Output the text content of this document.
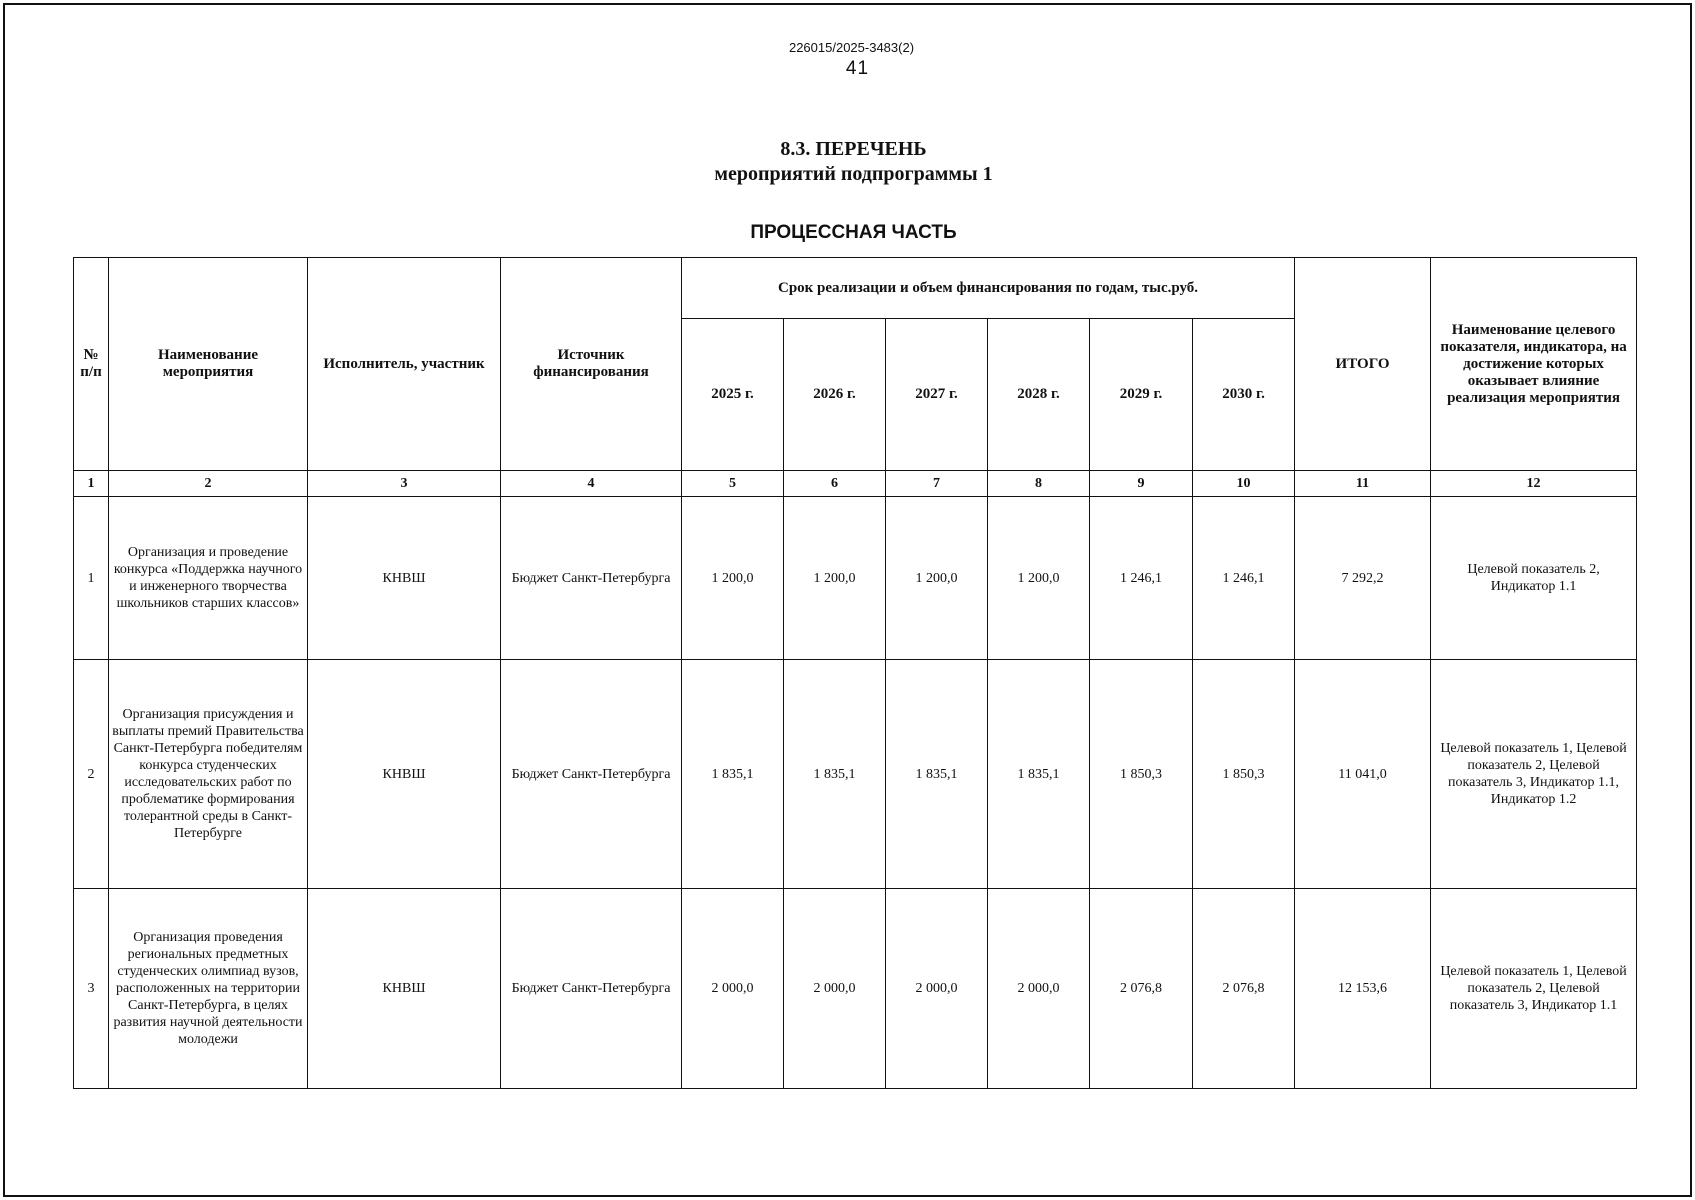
226015/2025-3483(2)
41
8.3. ПЕРЕЧЕНЬ
мероприятий подпрограммы 1
ПРОЦЕССНАЯ ЧАСТЬ
№ п/п	Наименование мероприятия	Исполнитель, участник	Источник финансирования	Срок реализации и объем финансирования по годам, тыс.руб.						ИТОГО	Наименование целевого показателя, индикатора, на достижение которых оказывает влияние реализация мероприятия
				2025 г.	2026 г.	2027 г.	2028 г.	2029 г.	2030 г.		
1	2	3	4	5	6	7	8	9	10	11	12
1	Организация и проведение конкурса «Поддержка научного и инженерного творчества школьников старших классов»	КНВШ	Бюджет Санкт-Петербурга	1 200,0	1 200,0	1 200,0	1 200,0	1 246,1	1 246,1	7 292,2	Целевой показатель 2, Индикатор 1.1
2	Организация присуждения и выплаты премий Правительства Санкт-Петербурга победителям конкурса студенческих исследовательских работ по проблематике формирования толерантной среды в Санкт-Петербурге	КНВШ	Бюджет Санкт-Петербурга	1 835,1	1 835,1	1 835,1	1 835,1	1 850,3	1 850,3	11 041,0	Целевой показатель 1, Целевой показатель 2, Целевой показатель 3, Индикатор 1.1, Индикатор 1.2
3	Организация проведения региональных предметных студенческих олимпиад вузов, расположенных на территории Санкт-Петербурга, в целях развития научной деятельности молодежи	КНВШ	Бюджет Санкт-Петербурга	2 000,0	2 000,0	2 000,0	2 000,0	2 076,8	2 076,8	12 153,6	Целевой показатель 1, Целевой показатель 2, Целевой показатель 3, Индикатор 1.1
